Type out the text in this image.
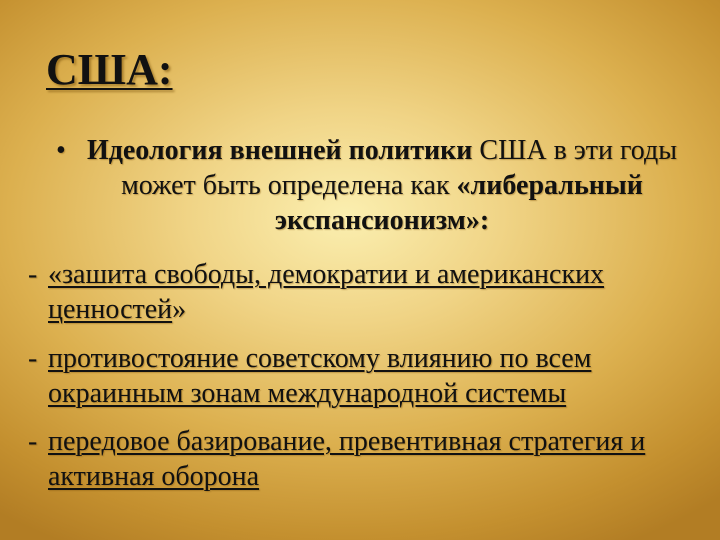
США:
• Идеология внешней политики США в эти годы может быть определена как «либеральный экспансионизм»:
- «зашита свободы, демократии и американских ценностей»
- противостояние советскому влиянию по всем окраинным зонам международной системы
- передовое базирование, превентивная стратегия и активная оборона
